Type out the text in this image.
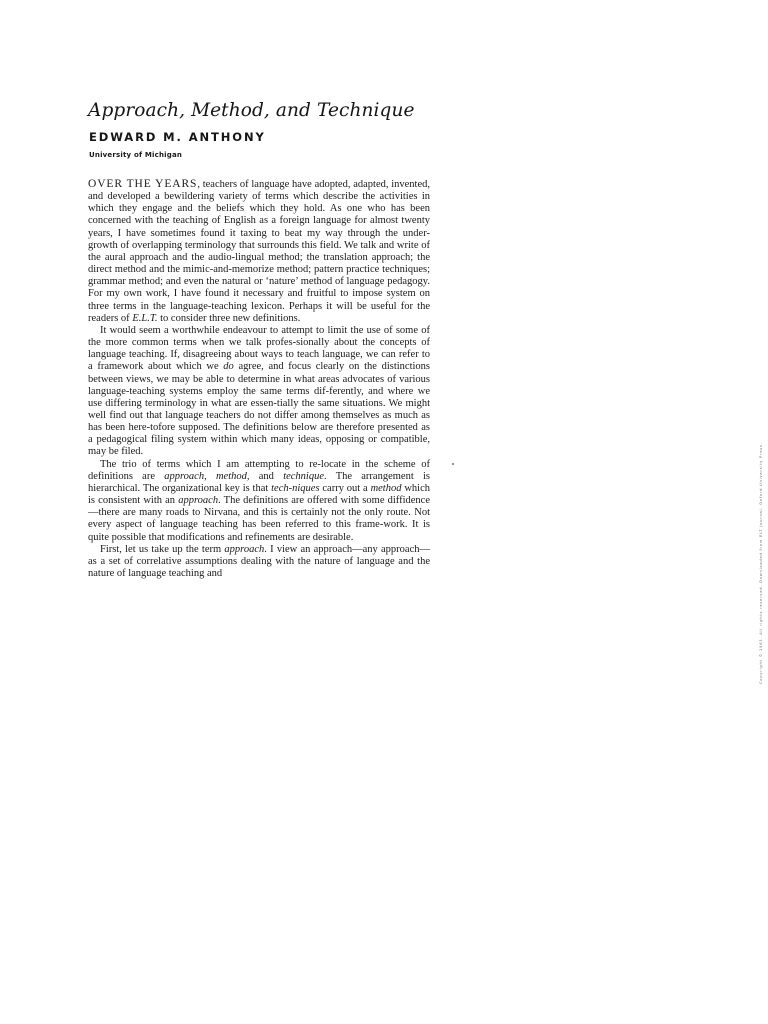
Approach, Method, and Technique
EDWARD M. ANTHONY
University of Michigan

OVER THE YEARS, teachers of language have adopted, adapted, invented, and developed a bewildering variety of terms which describe the activities in which they engage and the beliefs which they hold. As one who has been concerned with the teaching of English as a foreign language for almost twenty years, I have sometimes found it taxing to beat my way through the under-growth of overlapping terminology that surrounds this field. We talk and write of the aural approach and the audio-lingual method; the translation approach; the direct method and the mimic-and-memorize method; pattern practice techniques; grammar method; and even the natural or ‘nature’ method of language pedagogy. For my own work, I have found it necessary and fruitful to impose system on three terms in the language-teaching lexicon. Perhaps it will be useful for the readers of E.L.T. to consider three new definitions.

It would seem a worthwhile endeavour to attempt to limit the use of some of the more common terms when we talk profes-sionally about the concepts of language teaching. If, disagreeing about ways to teach language, we can refer to a framework about which we do agree, and focus clearly on the distinctions between views, we may be able to determine in what areas advocates of various language-teaching systems employ the same terms dif-ferently, and where we use differing terminology in what are essen-tially the same situations. We might well find out that language teachers do not differ among themselves as much as has been here-tofore supposed. The definitions below are therefore presented as a pedagogical filing system within which many ideas, opposing or compatible, may be filed.

The trio of terms which I am attempting to re-locate in the scheme of definitions are approach, method, and technique. The arrangement is hierarchical. The organizational key is that tech-niques carry out a method which is consistent with an approach. The definitions are offered with some diffidence—there are many roads to Nirvana, and this is certainly not the only route. Not every aspect of language teaching has been referred to this frame-work. It is quite possible that modifications and refinements are desirable.

First, let us take up the term approach. I view an approach—any approach—as a set of correlative assumptions dealing with the nature of language and the nature of language teaching and	Copyright © 1963. All rights reserved. Downloaded from ELT Journal, Oxford University Press.
